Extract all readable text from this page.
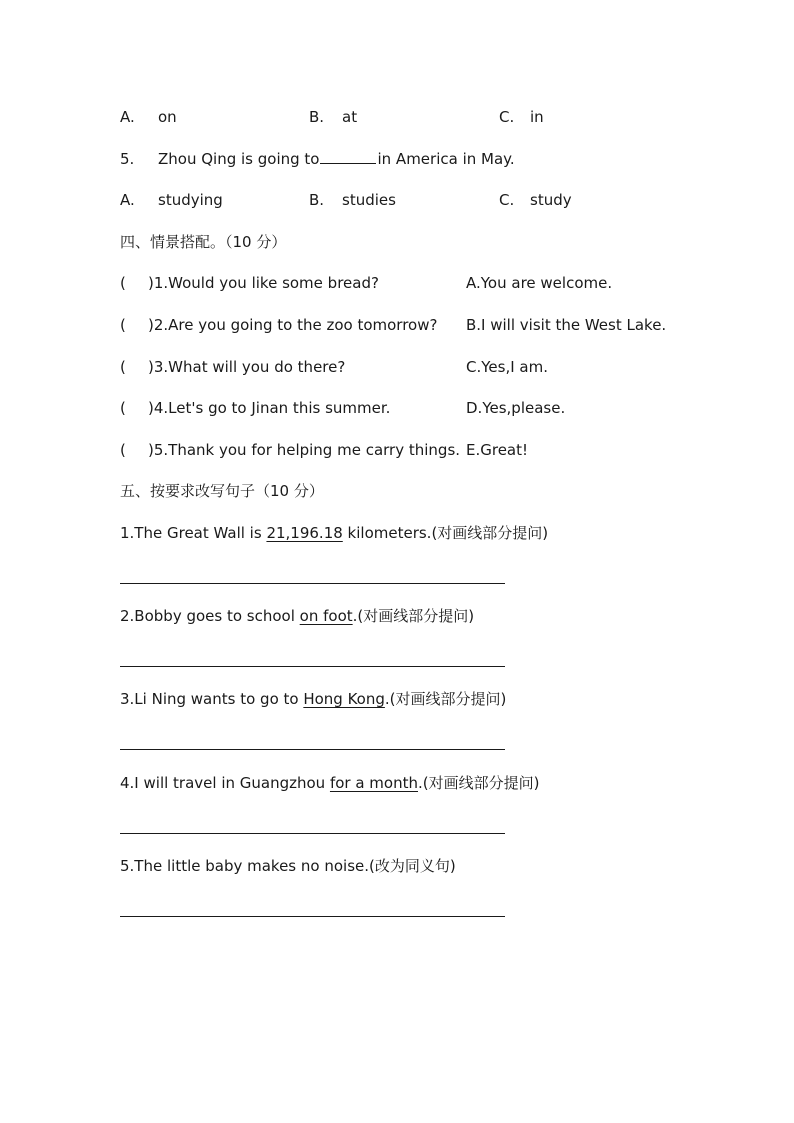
A. on	B. at	C. in
5. Zhou Qing is going to	in America in May.
A. studying	B. studies	C. study
四、情景搭配。（10 分）
( )1.Would you like some bread?	A.You are welcome.
( )2.Are you going to the zoo tomorrow? B.I will visit the West Lake.
( )3.What will you do there?	C.Yes,I am.
( )4.Let's go to Jinan this summer.	D.Yes,please.
( )5.Thank you for helping me carry things. E.Great!
五、按要求改写句子（10 分）
1.The Great Wall is 21,196.18 kilometers.(对画线部分提问)
2.Bobby goes to school on foot.(对画线部分提问)
3.Li Ning wants to go to Hong Kong.(对画线部分提问)
4.I will travel in Guangzhou for a month.(对画线部分提问)
5.The little baby makes no noise.(改为同义句)
